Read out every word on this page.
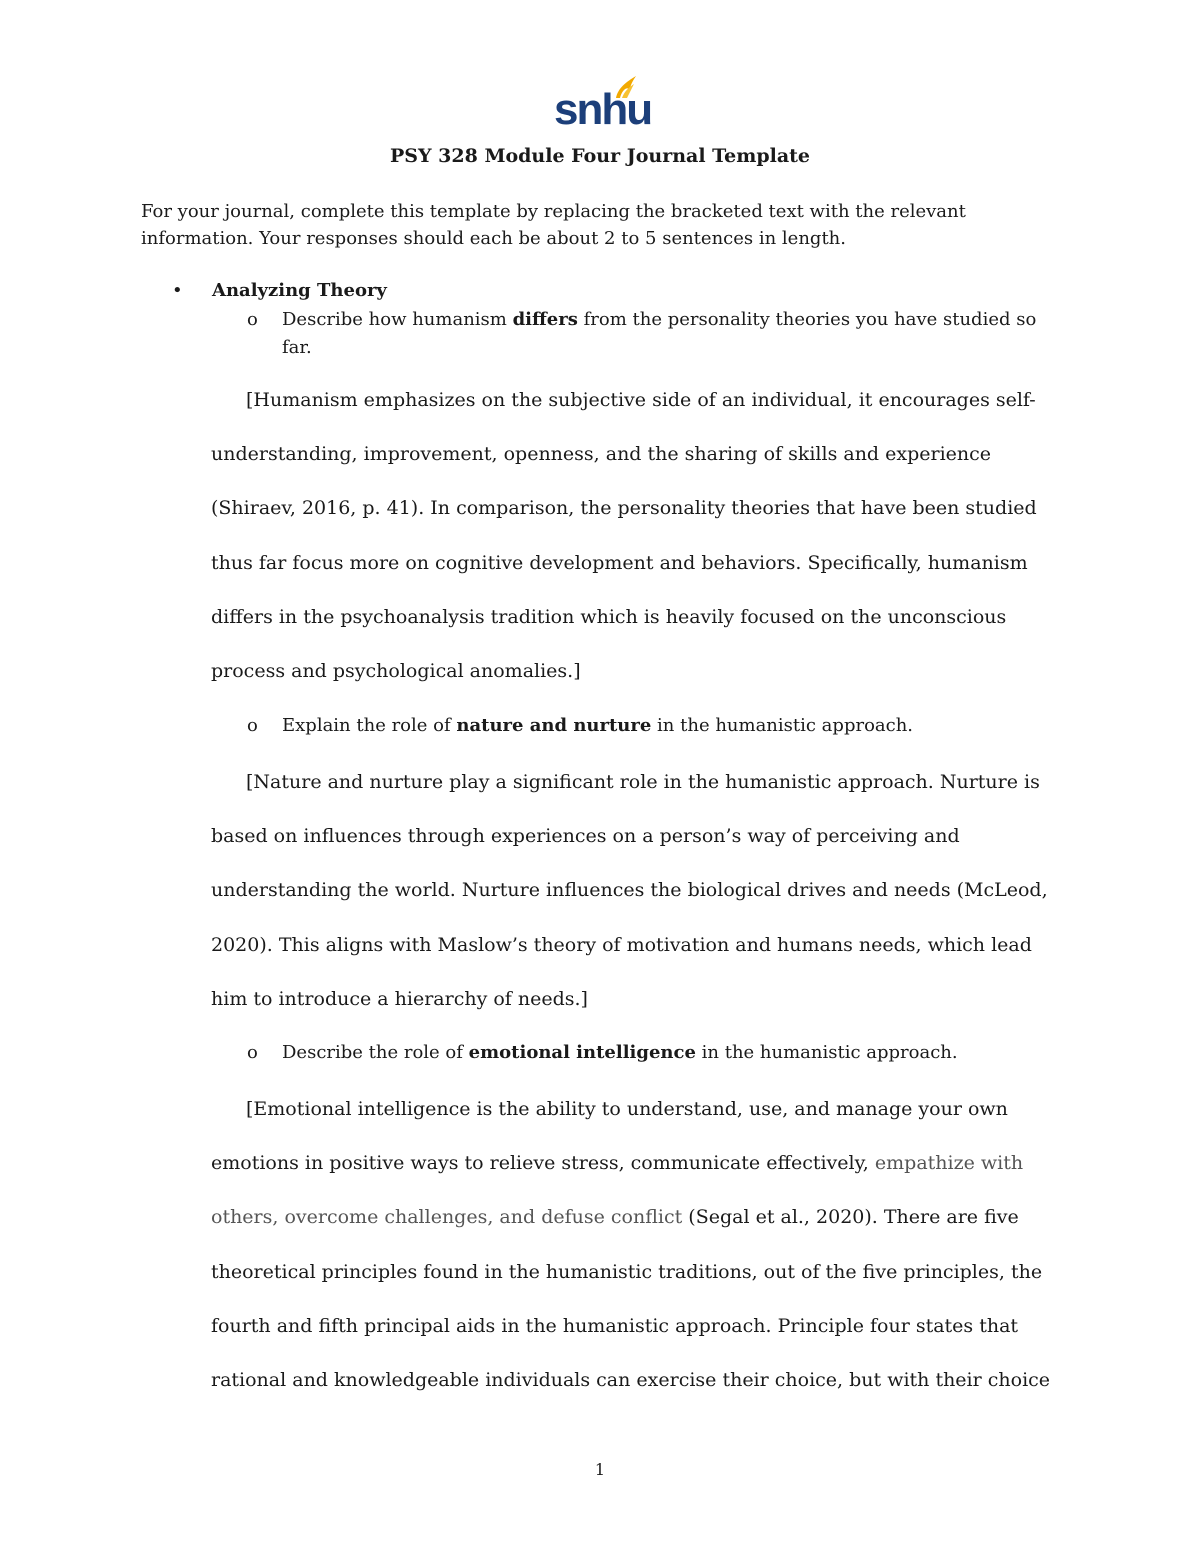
snhu
PSY 328 Module Four Journal Template
For your journal, complete this template by replacing the bracketed text with the relevant information. Your responses should each be about 2 to 5 sentences in length.
•	Analyzing Theory
o Describe how humanism differs from the personality theories you have studied so far.

[Humanism emphasizes on the subjective side of an individual, it encourages self-understanding, improvement, openness, and the sharing of skills and experience (Shiraev, 2016, p. 41). In comparison, the personality theories that have been studied thus far focus more on cognitive development and behaviors. Specifically, humanism differs in the psychoanalysis tradition which is heavily focused on the unconscious process and psychological anomalies.]

o Explain the role of nature and nurture in the humanistic approach.

[Nature and nurture play a significant role in the humanistic approach. Nurture is based on influences through experiences on a person’s way of perceiving and understanding the world. Nurture influences the biological drives and needs (McLeod, 2020). This aligns with Maslow’s theory of motivation and humans needs, which lead him to introduce a hierarchy of needs.]

o Describe the role of emotional intelligence in the humanistic approach.

[Emotional intelligence is the ability to understand, use, and manage your own emotions in positive ways to relieve stress, communicate effectively, empathize with others, overcome challenges, and defuse conflict (Segal et al., 2020). There are five theoretical principles found in the humanistic traditions, out of the five principles, the fourth and fifth principal aids in the humanistic approach. Principle four states that rational and knowledgeable individuals can exercise their choice, but with their choice

1
